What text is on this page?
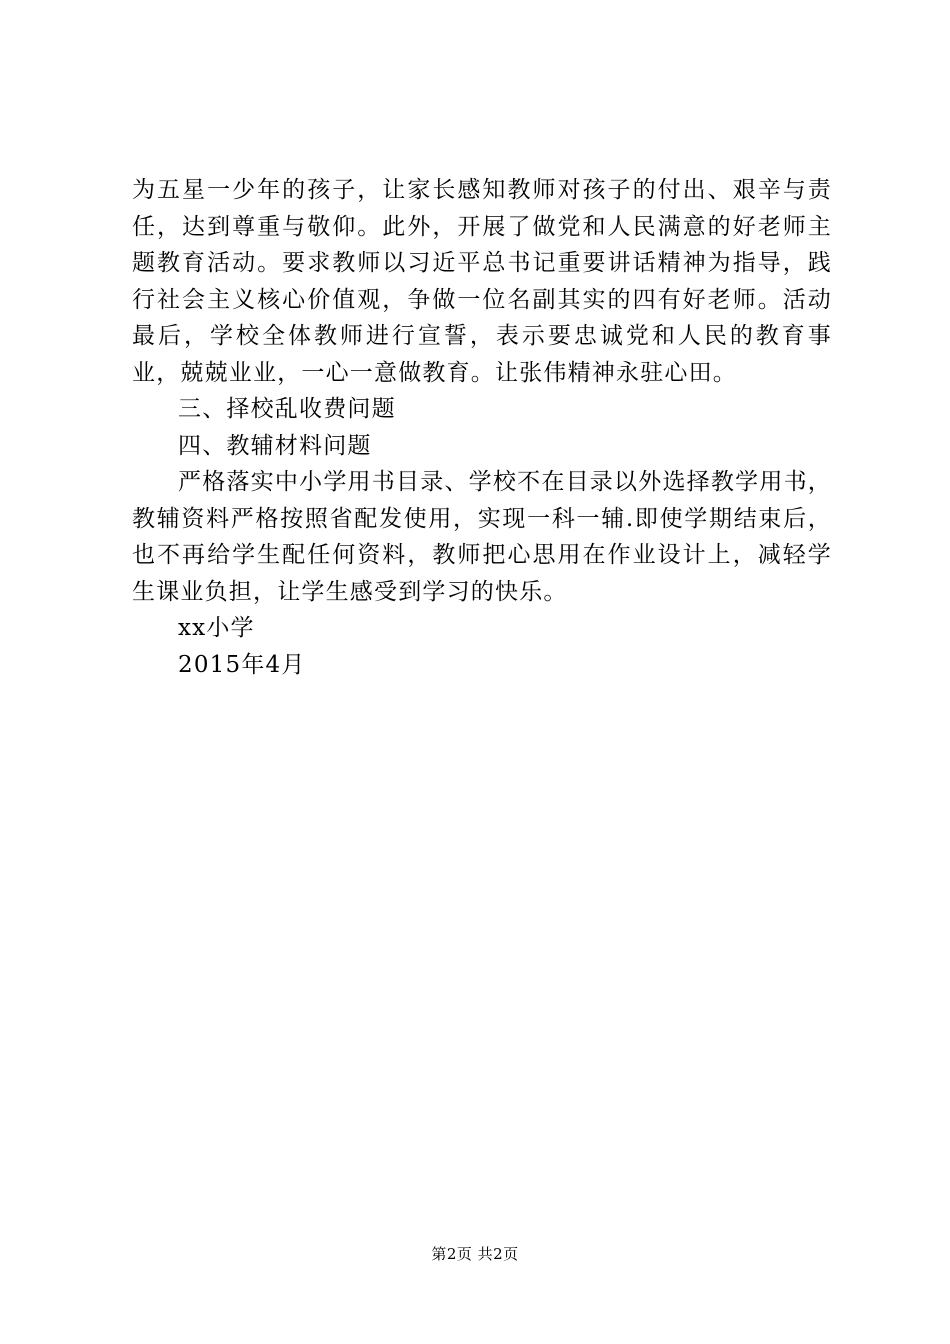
为五星一少年的孩子，让家长感知教师对孩子的付出、艰辛与责任，达到尊重与敬仰。此外，开展了做党和人民满意的好老师主题教育活动。要求教师以习近平总书记重要讲话精神为指导，践行社会主义核心价值观，争做一位名副其实的四有好老师。活动最后，学校全体教师进行宣誓，表示要忠诚党和人民的教育事业，兢兢业业，一心一意做教育。让张伟精神永驻心田。

三、择校乱收费问题

四、教辅材料问题

严格落实中小学用书目录、学校不在目录以外选择教学用书，教辅资料严格按照省配发使用，实现一科一辅.即使学期结束后，也不再给学生配任何资料，教师把心思用在作业设计上，减轻学生课业负担，让学生感受到学习的快乐。

xx小学

2015年4月

第2页 共2页
